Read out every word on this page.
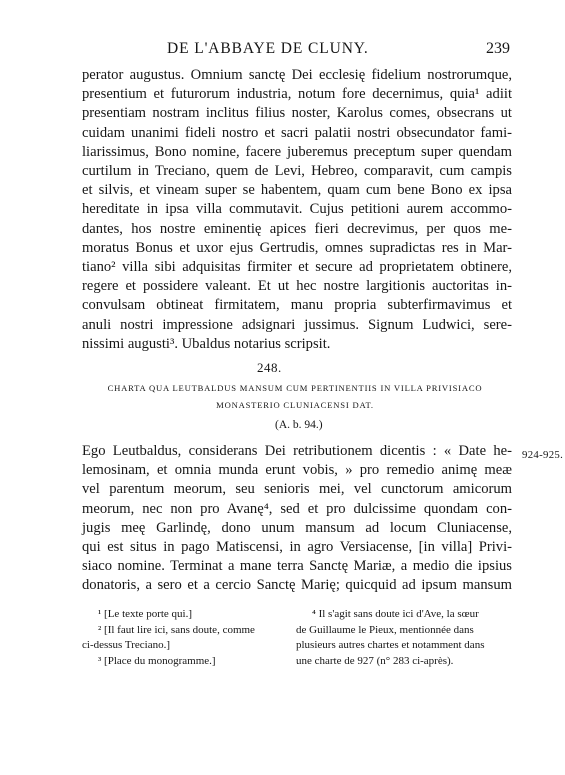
DE L'ABBAYE DE CLUNY.	239
perator augustus. Omnium sanctę Dei ecclesię fidelium nostrorumque,
presentium et futurorum industria, notum fore decernimus, quia¹ adiit
presentiam nostram inclitus filius noster, Karolus comes, obsecrans ut
cuidam unanimi fideli nostro et sacri palatii nostri obsecundator fami-
liarissimus, Bono nomine, facere juberemus preceptum super quendam
curtilum in Treciano, quem de Levi, Hebreo, comparavit, cum campis
et silvis, et vineam super se habentem, quam cum bene Bono ex ipsa
hereditate in ipsa villa commutavit. Cujus petitioni aurem accommo-
dantes, hos nostre eminentię apices fieri decrevimus, per quos me-
moratus Bonus et uxor ejus Gertrudis, omnes supradictas res in Mar-
tiano² villa sibi adquisitas firmiter et secure ad proprietatem obtinere,
regere et possidere valeant. Et ut hec nostre largitionis auctoritas in-
convulsam obtineat firmitatem, manu propria subterfirmavimus et
anuli nostri impressione adsignari jussimus. Signum Ludwici, sere-
nissimi augusti³. Ubaldus notarius scripsit.
248.
CHARTA QUA LEUTBALDUS MANSUM CUM PERTINENTIIS IN VILLA PRIVISIACO
MONASTERIO CLUNIACENSI DAT.
(A. b. 94.)
924-925.
Ego Leutbaldus, considerans Dei retributionem dicentis : « Date he-
lemosinam, et omnia munda erunt vobis, » pro remedio animę meæ
vel parentum meorum, seu senioris mei, vel cunctorum amicorum
meorum, nec non pro Avanę⁴, sed et pro dulcissime quondam con-
jugis meę Garlindę, dono unum mansum ad locum Cluniacense,
qui est situs in pago Matiscensi, in agro Versiacense, [in villa] Privi-
siaco nomine. Terminat a mane terra Sanctę Mariæ, a medio die ipsius
donatoris, a sero et a cercio Sanctę Marię; quicquid ad ipsum mansum
¹ [Le texte porte qui.]
² [Il faut lire ici, sans doute, comme
ci-dessus Treciano.]
³ [Place du monogramme.]
⁴ Il s'agit sans doute ici d'Ave, la sœur
de Guillaume le Pieux, mentionnée dans
plusieurs autres chartes et notamment dans
une charte de 927 (n° 283 ci-après).
